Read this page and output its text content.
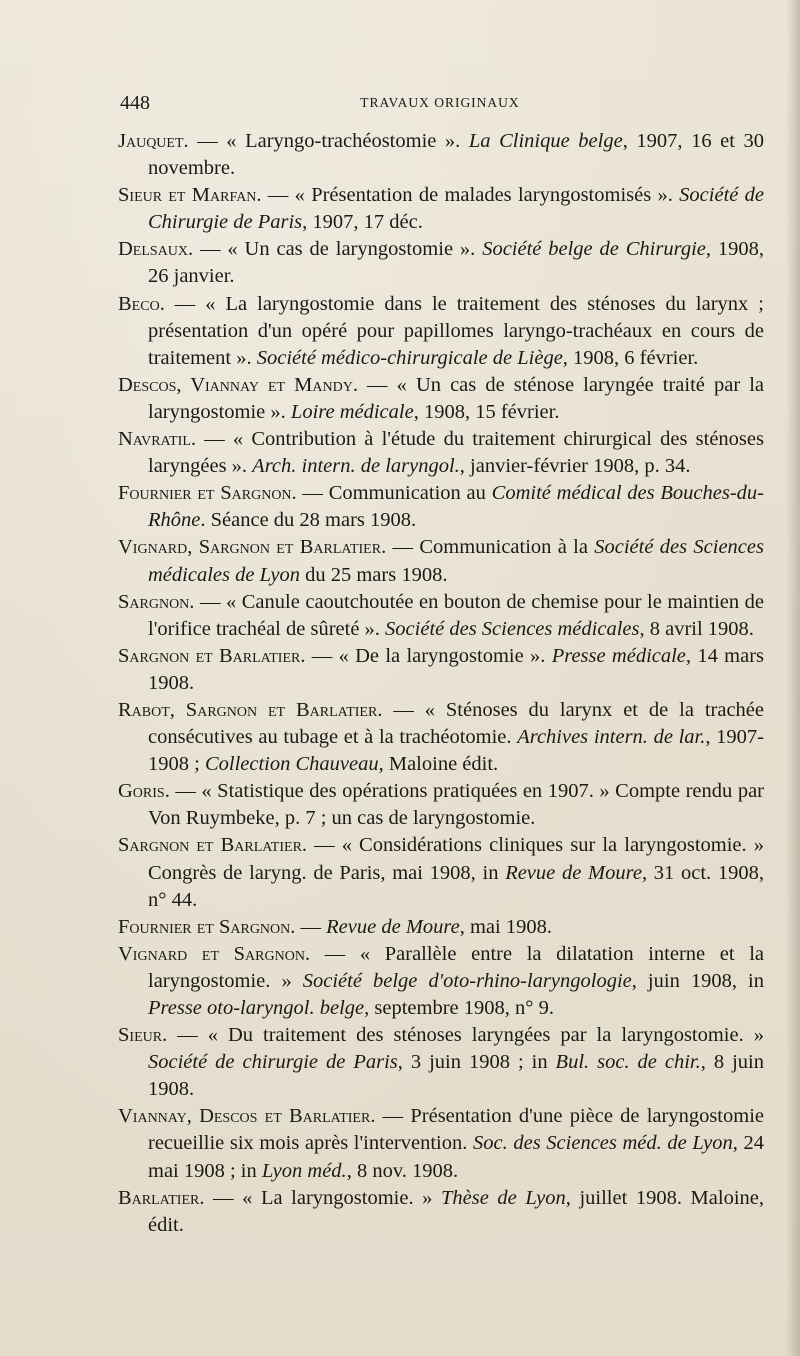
448	TRAVAUX ORIGINAUX
Jauquet. — « Laryngo-trachéostomie ». La Clinique belge, 1907, 16 et 30 novembre.
Sieur et Marfan. — « Présentation de malades laryngostomisés ». Société de Chirurgie de Paris, 1907, 17 déc.
Delsaux. — « Un cas de laryngostomie ». Société belge de Chirurgie, 1908, 26 janvier.
Beco. — « La laryngostomie dans le traitement des sténoses du larynx ; présentation d'un opéré pour papillomes laryngo-trachéaux en cours de traitement ». Société médico-chirurgicale de Liège, 1908, 6 février.
Descos, Viannay et Mandy. — « Un cas de sténose laryngée traité par la laryngostomie ». Loire médicale, 1908, 15 février.
Navratil. — « Contribution à l'étude du traitement chirurgical des sténoses laryngées ». Arch. intern. de laryngol., janvier-février 1908, p. 34.
Fournier et Sargnon. — Communication au Comité médical des Bouches-du-Rhône. Séance du 28 mars 1908.
Vignard, Sargnon et Barlatier. — Communication à la Société des Sciences médicales de Lyon du 25 mars 1908.
Sargnon. — « Canule caoutchoutée en bouton de chemise pour le maintien de l'orifice trachéal de sûreté ». Société des Sciences médicales, 8 avril 1908.
Sargnon et Barlatier. — « De la laryngostomie ». Presse médicale, 14 mars 1908.
Rabot, Sargnon et Barlatier. — « Sténoses du larynx et de la trachée consécutives au tubage et à la trachéotomie. Archives intern. de lar., 1907-1908 ; Collection Chauveau, Maloine édit.
Goris. — « Statistique des opérations pratiquées en 1907. » Compte rendu par Von Ruymbeke, p. 7 ; un cas de laryngostomie.
Sargnon et Barlatier. — « Considérations cliniques sur la laryngostomie. » Congrès de laryng. de Paris, mai 1908, in Revue de Moure, 31 oct. 1908, n° 44.
Fournier et Sargnon. — Revue de Moure, mai 1908.
Vignard et Sargnon. — « Parallèle entre la dilatation interne et la laryngostomie. » Société belge d'oto-rhino-laryngologie, juin 1908, in Presse oto-laryngol. belge, septembre 1908, n° 9.
Sieur. — « Du traitement des sténoses laryngées par la laryngostomie. » Société de chirurgie de Paris, 3 juin 1908 ; in Bul. soc. de chir., 8 juin 1908.
Viannay, Descos et Barlatier. — Présentation d'une pièce de laryngostomie recueillie six mois après l'intervention. Soc. des Sciences méd. de Lyon, 24 mai 1908 ; in Lyon méd., 8 nov. 1908.
Barlatier. — « La laryngostomie. » Thèse de Lyon, juillet 1908. Maloine, édit.
